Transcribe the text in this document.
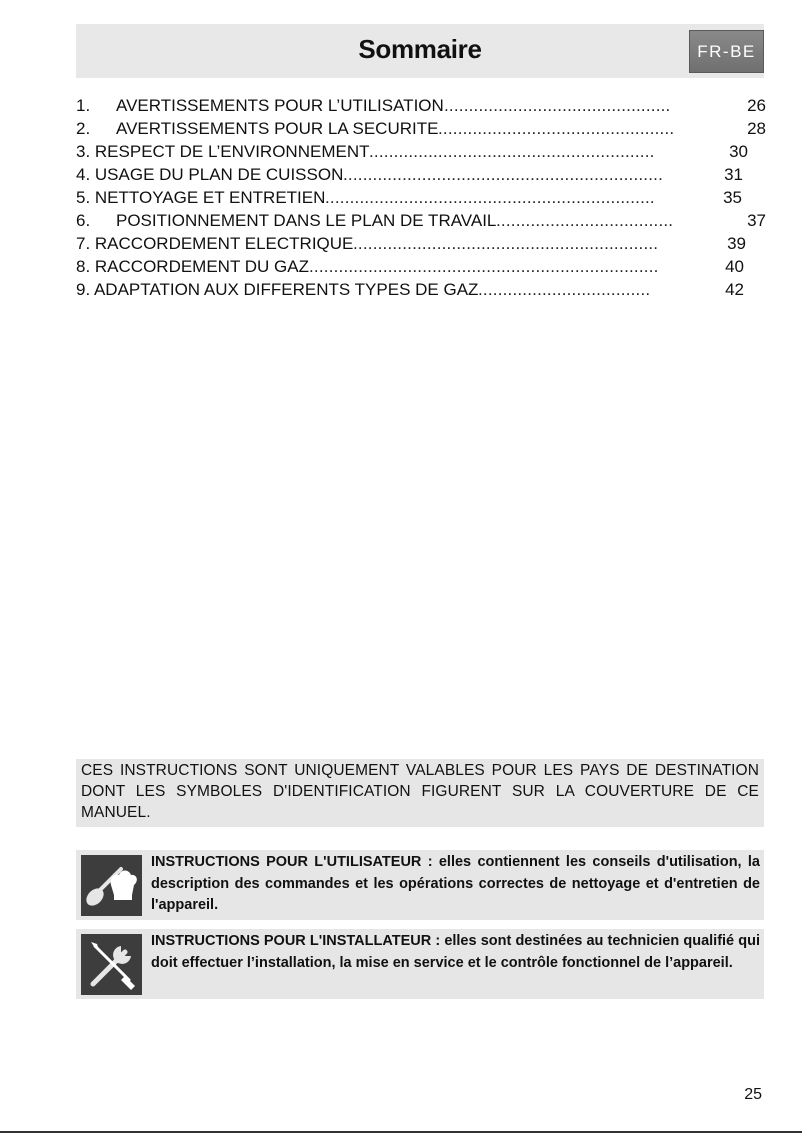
Sommaire	FR-BE
1. AVERTISSEMENTS POUR L’UTILISATION ..............................................	26
2. AVERTISSEMENTS POUR LA SECURITE ................................................	28
3. RESPECT DE L’ENVIRONNEMENT ..........................................................	30
4. USAGE DU PLAN DE CUISSON .................................................................	31
5. NETTOYAGE ET ENTRETIEN ...................................................................	35
6. POSITIONNEMENT DANS LE PLAN DE TRAVAIL ....................................	37
7. RACCORDEMENT ELECTRIQUE ..............................................................	39
8. RACCORDEMENT DU GAZ .......................................................................	40
9. ADAPTATION AUX DIFFERENTS TYPES DE GAZ ...................................	42
CES INSTRUCTIONS SONT UNIQUEMENT VALABLES POUR LES PAYS DE DESTINATION DONT LES SYMBOLES D'IDENTIFICATION FIGURENT SUR LA COUVERTURE DE CE MANUEL.
INSTRUCTIONS POUR L'UTILISATEUR : elles contiennent les conseils d'utilisation, la description des commandes et les opérations correctes de nettoyage et d'entretien de l'appareil.
INSTRUCTIONS POUR L'INSTALLATEUR : elles sont destinées au technicien qualifié qui doit effectuer l’installation, la mise en service et le contrôle fonctionnel de l’appareil.
25
